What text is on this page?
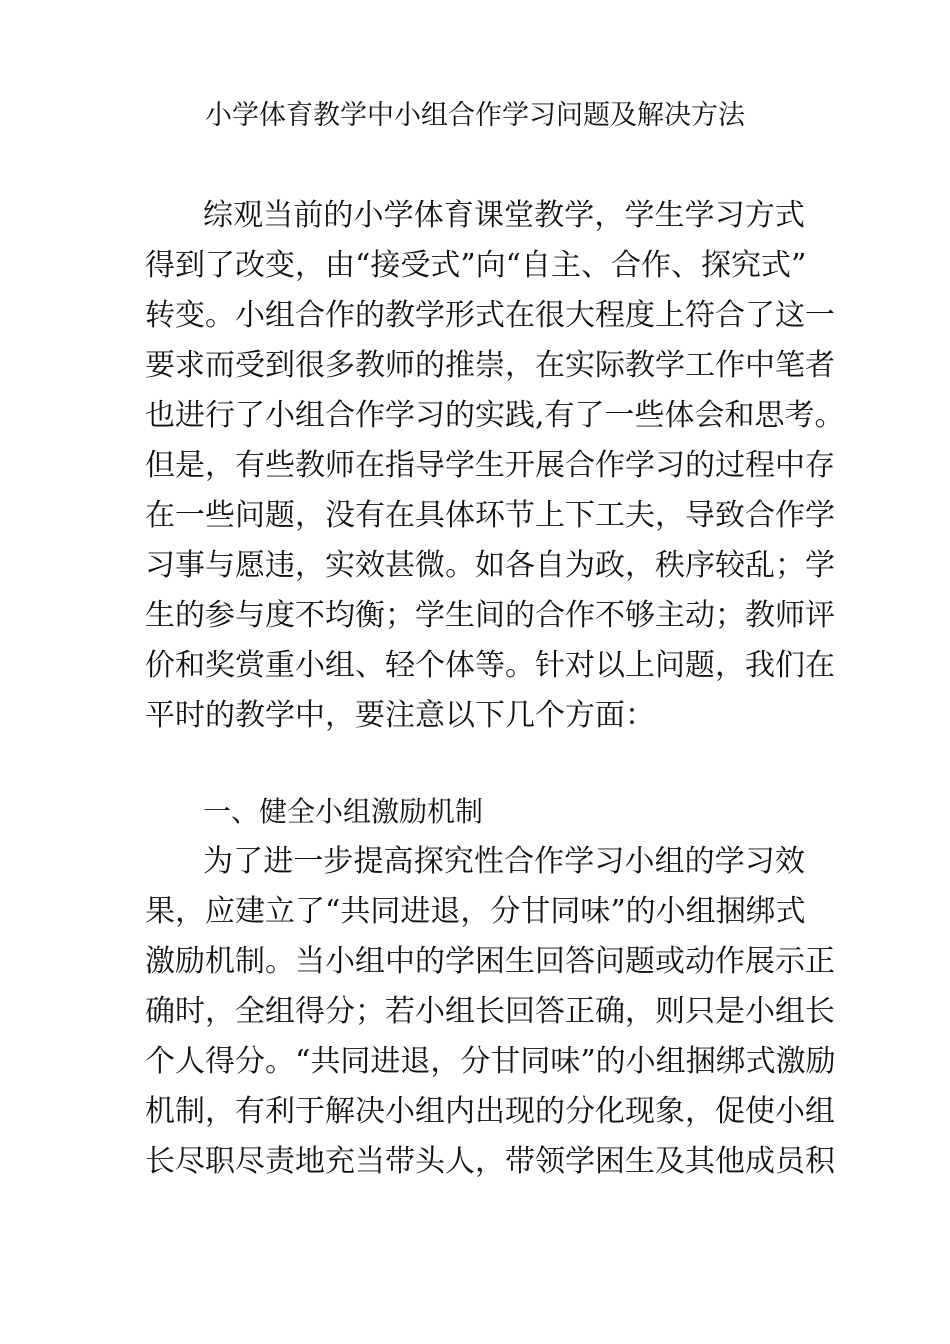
小学体育教学中小组合作学习问题及解决方法
综观当前的小学体育课堂教学，学生学习方式
得到了改变，由“接受式”向“自主、合作、探究式”
转变。小组合作的教学形式在很大程度上符合了这一
要求而受到很多教师的推崇，在实际教学工作中笔者
也进行了小组合作学习的实践,有了一些体会和思考。
但是，有些教师在指导学生开展合作学习的过程中存
在一些问题，没有在具体环节上下工夫，导致合作学
习事与愿违，实效甚微。如各自为政，秩序较乱；学
生的参与度不均衡；学生间的合作不够主动；教师评
价和奖赏重小组、轻个体等。针对以上问题，我们在
平时的教学中，要注意以下几个方面：
一、健全小组激励机制
为了进一步提高探究性合作学习小组的学习效
果，应建立了“共同进退，分甘同味”的小组捆绑式
激励机制。当小组中的学困生回答问题或动作展示正
确时，全组得分；若小组长回答正确，则只是小组长
个人得分。“共同进退，分甘同味”的小组捆绑式激励
机制，有利于解决小组内出现的分化现象，促使小组
长尽职尽责地充当带头人，带领学困生及其他成员积
